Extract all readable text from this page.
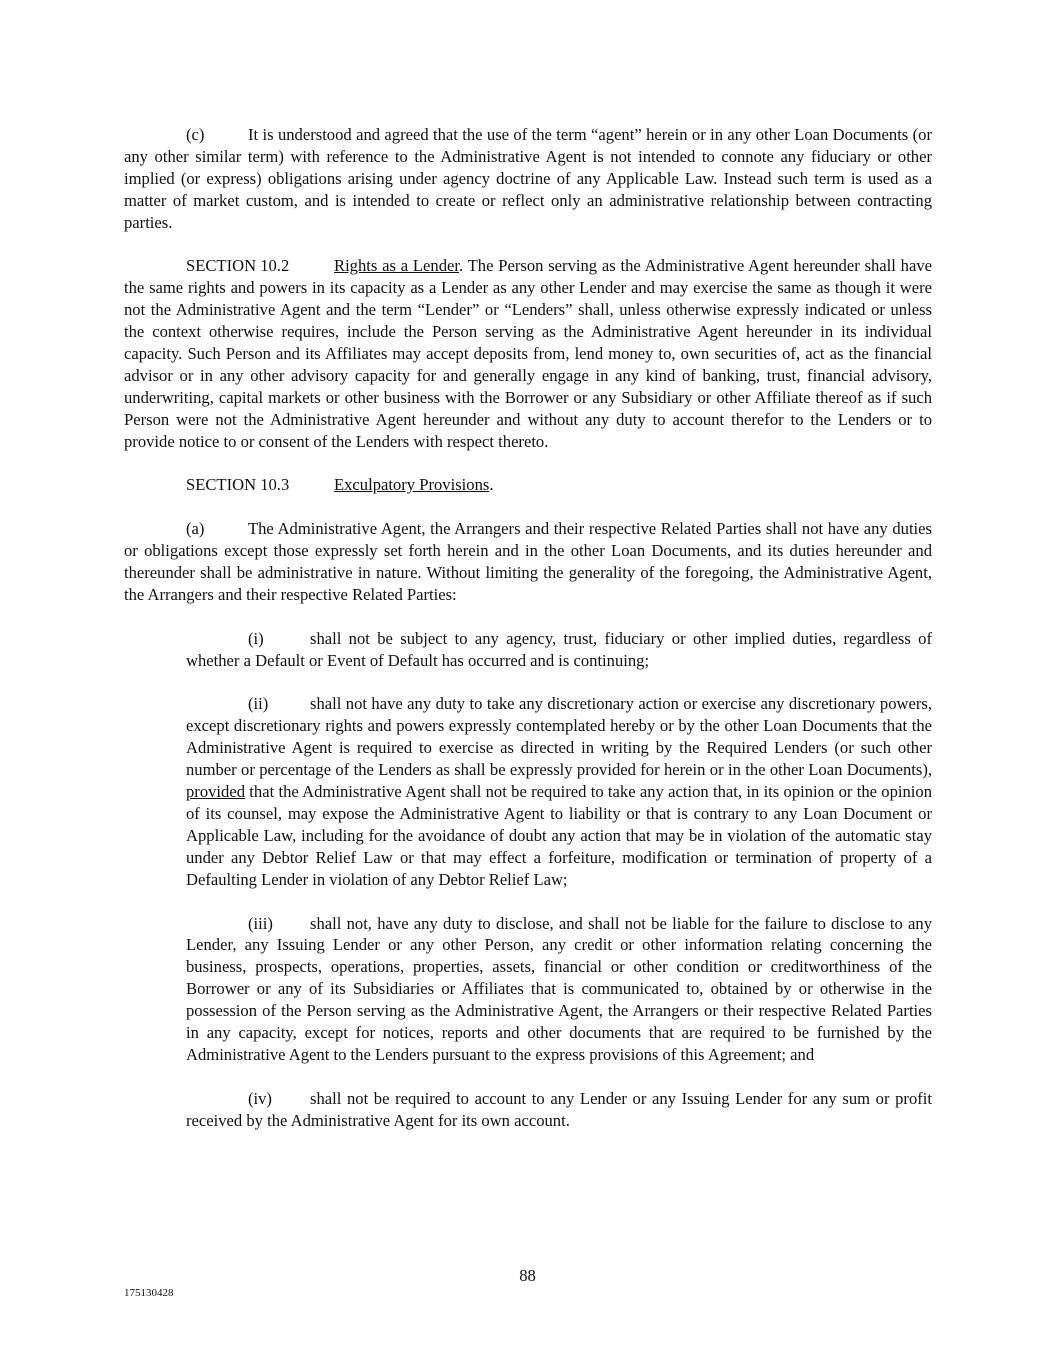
(c)	It is understood and agreed that the use of the term “agent” herein or in any other Loan Documents (or any other similar term) with reference to the Administrative Agent is not intended to connote any fiduciary or other implied (or express) obligations arising under agency doctrine of any Applicable Law. Instead such term is used as a matter of market custom, and is intended to create or reflect only an administrative relationship between contracting parties.

SECTION 10.2	Rights as a Lender. The Person serving as the Administrative Agent hereunder shall have the same rights and powers in its capacity as a Lender as any other Lender and may exercise the same as though it were not the Administrative Agent and the term “Lender” or “Lenders” shall, unless otherwise expressly indicated or unless the context otherwise requires, include the Person serving as the Administrative Agent hereunder in its individual capacity. Such Person and its Affiliates may accept deposits from, lend money to, own securities of, act as the financial advisor or in any other advisory capacity for and generally engage in any kind of banking, trust, financial advisory, underwriting, capital markets or other business with the Borrower or any Subsidiary or other Affiliate thereof as if such Person were not the Administrative Agent hereunder and without any duty to account therefor to the Lenders or to provide notice to or consent of the Lenders with respect thereto.

SECTION 10.3	Exculpatory Provisions.

(a)	The Administrative Agent, the Arrangers and their respective Related Parties shall not have any duties or obligations except those expressly set forth herein and in the other Loan Documents, and its duties hereunder and thereunder shall be administrative in nature. Without limiting the generality of the foregoing, the Administrative Agent, the Arrangers and their respective Related Parties:

(i)	shall not be subject to any agency, trust, fiduciary or other implied duties, regardless of whether a Default or Event of Default has occurred and is continuing;

(ii)	shall not have any duty to take any discretionary action or exercise any discretionary powers, except discretionary rights and powers expressly contemplated hereby or by the other Loan Documents that the Administrative Agent is required to exercise as directed in writing by the Required Lenders (or such other number or percentage of the Lenders as shall be expressly provided for herein or in the other Loan Documents), provided that the Administrative Agent shall not be required to take any action that, in its opinion or the opinion of its counsel, may expose the Administrative Agent to liability or that is contrary to any Loan Document or Applicable Law, including for the avoidance of doubt any action that may be in violation of the automatic stay under any Debtor Relief Law or that may effect a forfeiture, modification or termination of property of a Defaulting Lender in violation of any Debtor Relief Law;

(iii) shall not, have any duty to disclose, and shall not be liable for the failure to disclose to any Lender, any Issuing Lender or any other Person, any credit or other information relating concerning the business, prospects, operations, properties, assets, financial or other condition or creditworthiness of the Borrower or any of its Subsidiaries or Affiliates that is communicated to, obtained by or otherwise in the possession of the Person serving as the Administrative Agent, the Arrangers or their respective Related Parties in any capacity, except for notices, reports and other documents that are required to be furnished by the Administrative Agent to the Lenders pursuant to the express provisions of this Agreement; and

(iv) shall not be required to account to any Lender or any Issuing Lender for any sum or profit received by the Administrative Agent for its own account.

88
175130428
